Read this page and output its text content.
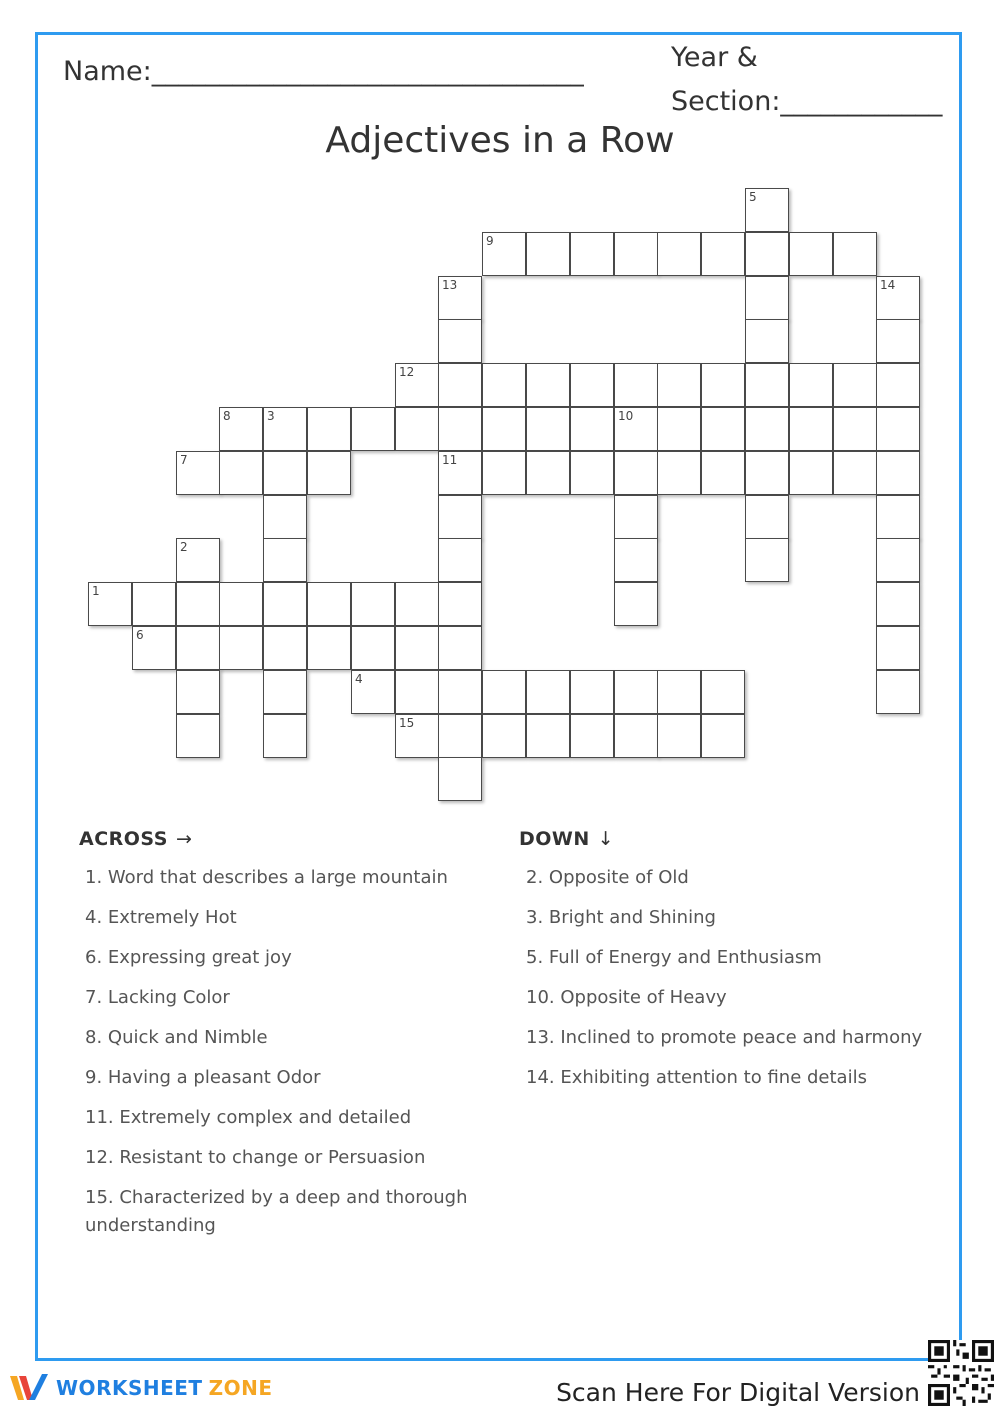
Name:________________________________	Year &
Section:____________
Adjectives in a Row
5
9
13	14
12
8	3	10
7	11
2
1
6
4
15
ACROSS →
1. Word that describes a large mountain
4. Extremely Hot
6. Expressing great joy
7. Lacking Color
8. Quick and Nimble
9. Having a pleasant Odor
11. Extremely complex and detailed
12. Resistant to change or Persuasion
15. Characterized by a deep and thorough understanding
DOWN ↓
2. Opposite of Old
3. Bright and Shining
5. Full of Energy and Enthusiasm
10. Opposite of Heavy
13. Inclined to promote peace and harmony
14. Exhibiting attention to fine details
WORKSHEET ZONE	Scan Here For Digital Version
